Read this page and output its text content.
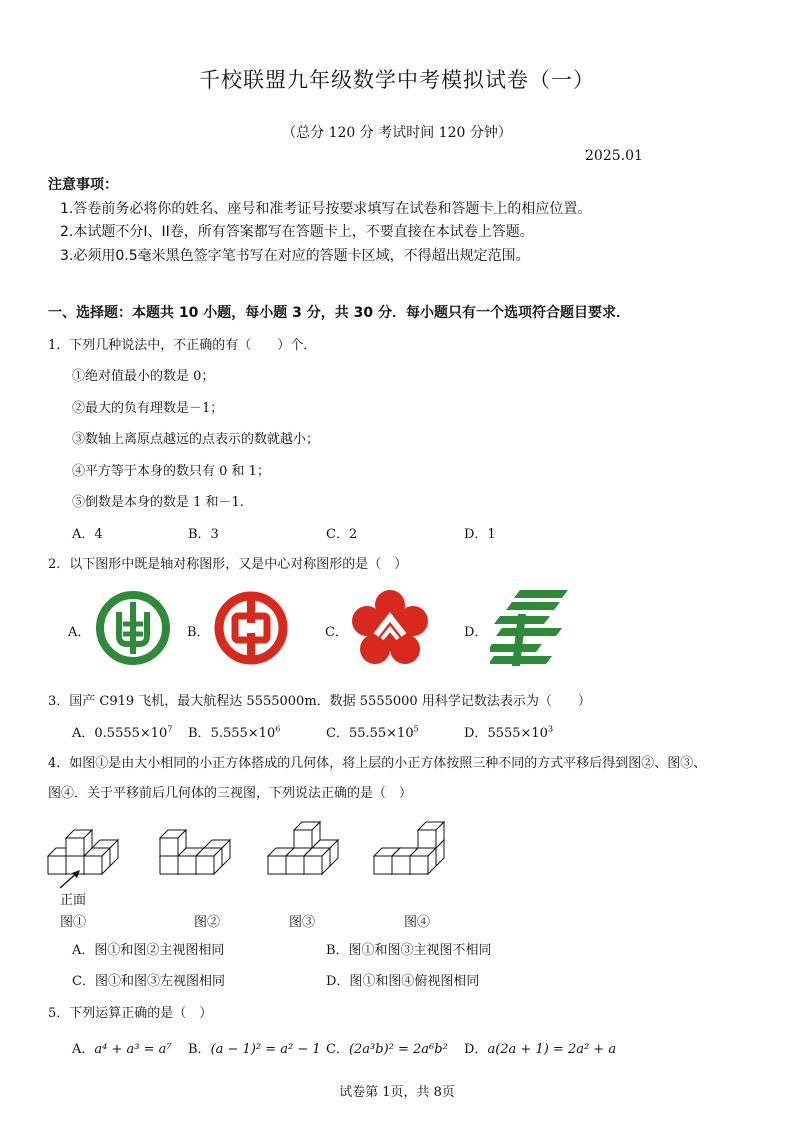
千校联盟九年级数学中考模拟试卷（一）
（总分 120 分 考试时间 120 分钟）
2025.01
注意事项：
1.答卷前务必将你的姓名、座号和准考证号按要求填写在试卷和答题卡上的相应位置。
2.本试题不分I、II卷，所有答案都写在答题卡上，不要直接在本试卷上答题。
3.必须用0.5毫米黑色签字笔书写在对应的答题卡区域，不得超出规定范围。
一、选择题：本题共 10 小题，每小题 3 分，共 30 分．每小题只有一个选项符合题目要求．
1．下列几种说法中，不正确的有（　　）个．
①绝对值最小的数是 0；
②最大的负有理数是－1；
③数轴上离原点越远的点表示的数就越小；
④平方等于本身的数只有 0 和 1；
⑤倒数是本身的数是 1 和－1.
A．4	B．3	C．2	D．1
2．以下图形中既是轴对称图形，又是中心对称图形的是（　）
A．	B．	C．	D．
3．国产 C919 飞机，最大航程达 5555000m．数据 5555000 用科学记数法表示为（　　）
A．$0.5555\times 10^7$ B．$5.555\times 10^6$	C．$55.55\times 10^5$	D．$5555\times 10^3$
4．如图①是由大小相同的小正方体搭成的几何体，将上层的小正方体按照三种不同的方式平移后得到图②、图③、
图④．关于平移前后几何体的三视图，下列说法正确的是（　）
正面
图①	图②	图③	图④
A．图①和图②主视图相同	B．图①和图③主视图不相同
C．图①和图③左视图相同	D．图①和图④俯视图相同
5．下列运算正确的是（　）
A．a⁴ + a³ = a⁷ B．(a − 1)² = a² − 1 C．(2a³b)² = 2a⁶b² D．a(2a + 1) = 2a² + a
试卷第 1页，共 8页
